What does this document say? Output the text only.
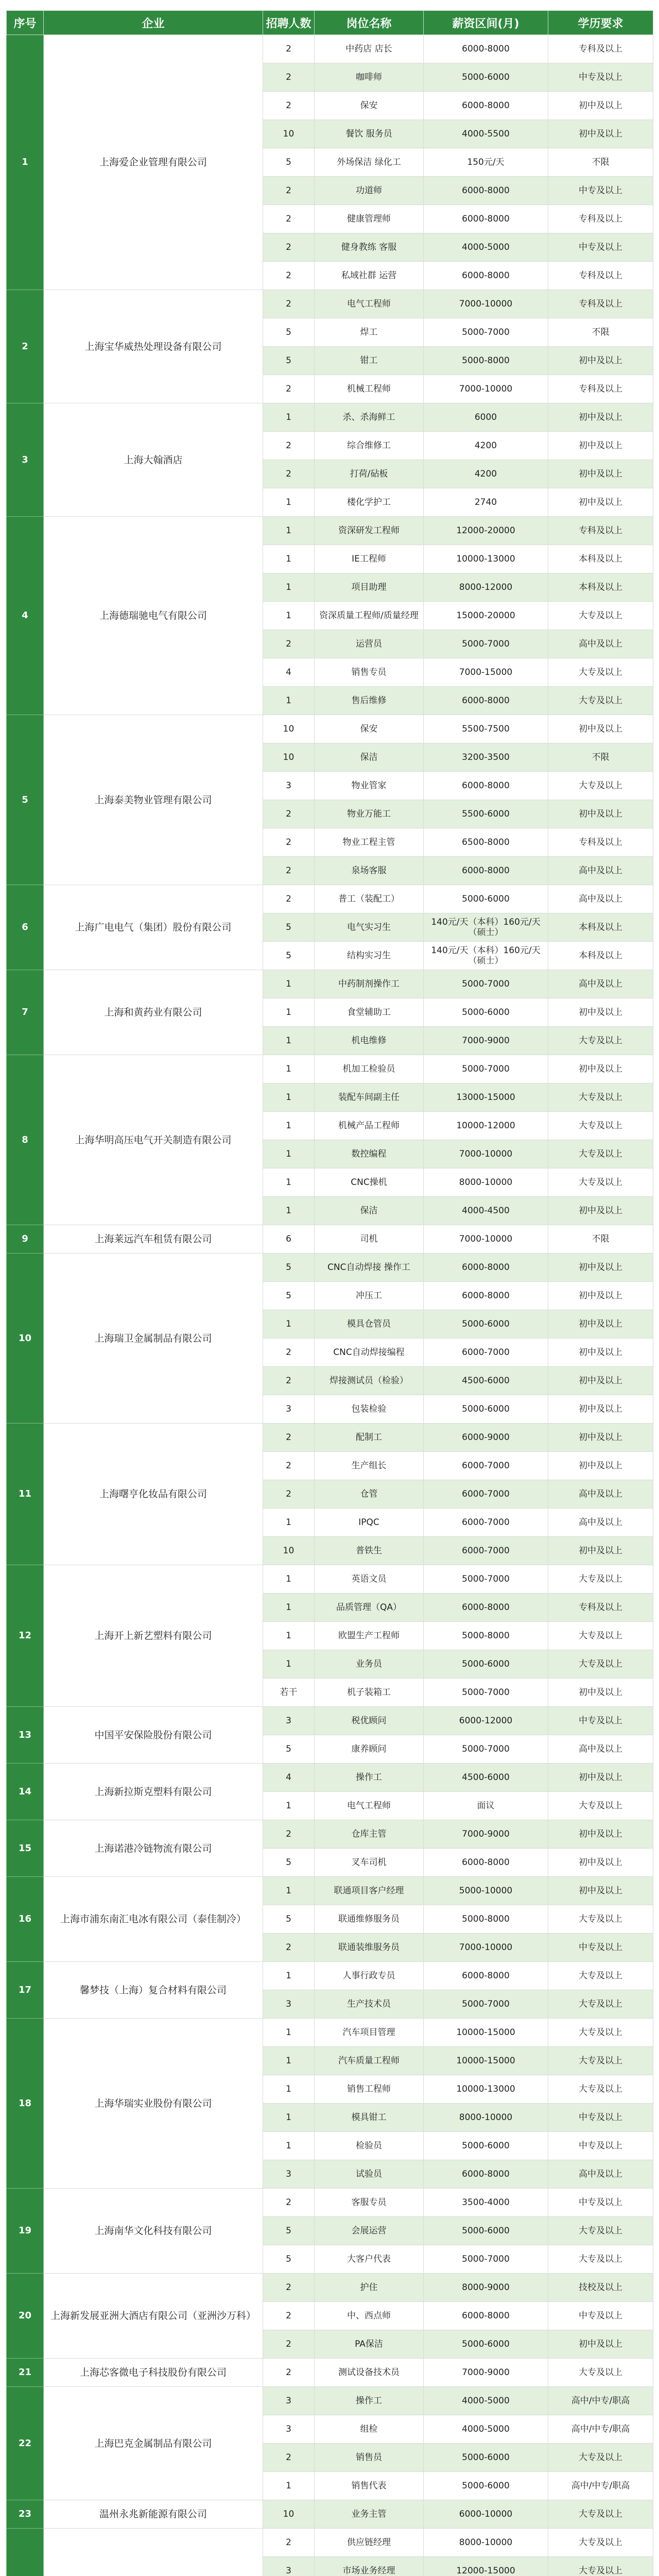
序号	企业	招聘人数	岗位名称	薪资区间(月)	学历要求
1	上海爱企业管理有限公司	2	中药店 店长	6000-8000	专科及以上
		2	咖啡师	5000-6000	中专及以上
		2	保安	6000-8000	初中及以上
		10	餐饮 服务员	4000-5500	初中及以上
		5	外场保洁 绿化工	150元/天	不限
		2	功道师	6000-8000	中专及以上
		2	健康管理师	6000-8000	专科及以上
		2	健身教练 客服	4000-5000	中专及以上
		2	私域社群 运营	6000-8000	专科及以上
2	上海宝华威热处理设备有限公司	2	电气工程师	7000-10000	专科及以上
		5	焊工	5000-7000	不限
		5	钳工	5000-8000	初中及以上
		2	机械工程师	7000-10000	专科及以上
3	上海大翰酒店	1	杀、杀海鲜工	6000	初中及以上
		2	综合维修工	4200	初中及以上
		2	打荷/砧板	4200	初中及以上
		1	楼化学护工	2740	初中及以上
4	上海德瑞驰电气有限公司	1	资深研发工程师	12000-20000	专科及以上
		1	IE工程师	10000-13000	本科及以上
		1	项目助理	8000-12000	本科及以上
		1	资深质量工程师/质量经理	15000-20000	大专及以上
		2	运营员	5000-7000	高中及以上
		4	销售专员	7000-15000	大专及以上
		1	售后维修	6000-8000	大专及以上
5	上海泰美物业管理有限公司	10	保安	5500-7500	初中及以上
		10	保洁	3200-3500	不限
		3	物业管家	6000-8000	大专及以上
		2	物业万能工	5500-6000	初中及以上
		2	物业工程主管	6500-8000	专科及以上
		2	泉场客服	6000-8000	高中及以上
6	上海广电电气（集团）股份有限公司	2	普工（装配工）	5000-6000	高中及以上
		5	电气实习生	140元/天（本科）160元/天（硕士）	本科及以上
		5	结构实习生	140元/天（本科）160元/天（硕士）	本科及以上
7	上海和黄药业有限公司	1	中药制剂操作工	5000-7000	高中及以上
		1	食堂辅助工	5000-6000	初中及以上
		1	机电维修	7000-9000	大专及以上
8	上海华明高压电气开关制造有限公司	1	机加工检验员	5000-7000	初中及以上
		1	装配车间副主任	13000-15000	大专及以上
		1	机械产品工程师	10000-12000	大专及以上
		1	数控编程	7000-10000	大专及以上
		1	CNC操机	8000-10000	大专及以上
		1	保洁	4000-4500	初中及以上
9	上海莱远汽车租赁有限公司	6	司机	7000-10000	不限
10	上海瑞卫金属制品有限公司	5	CNC自动焊接 操作工	6000-8000	初中及以上
		5	冲压工	6000-8000	初中及以上
		1	模具仓管员	5000-6000	初中及以上
		2	CNC自动焊接编程	6000-7000	初中及以上
		2	焊接测试员（检验）	4500-6000	初中及以上
		3	包装检验	5000-6000	初中及以上
11	上海曙亨化妆品有限公司	2	配制工	6000-9000	初中及以上
		2	生产组长	6000-7000	初中及以上
		2	仓管	6000-7000	高中及以上
		1	IPQC	6000-7000	高中及以上
		10	普铁生	6000-7000	初中及以上
12	上海开上新艺塑料有限公司	1	英语文员	5000-7000	大专及以上
		1	品质管理（QA）	6000-8000	专科及以上
		1	欧盟生产工程师	5000-8000	大专及以上
		1	业务员	5000-6000	大专及以上
		若干	机子装箱工	5000-7000	初中及以上
13	中国平安保险股份有限公司	3	税优顾问	6000-12000	中专及以上
		5	康养顾问	5000-7000	高中及以上
14	上海新拉斯克塑料有限公司	4	操作工	4500-6000	初中及以上
		1	电气工程师	面议	大专及以上
15	上海诺港冷链物流有限公司	2	仓库主管	7000-9000	初中及以上
		5	叉车司机	6000-8000	初中及以上
16	上海市浦东南汇电冰有限公司（泰佳制冷）	1	联通项目客户经理	5000-10000	初中及以上
		5	联通维修服务员	5000-8000	大专及以上
		2	联通装维服务员	7000-10000	中专及以上
17	馨梦技（上海）复合材料有限公司	1	人事行政专员	6000-8000	大专及以上
		3	生产技术员	5000-7000	大专及以上
18	上海华瑞实业股份有限公司	1	汽车项目管理	10000-15000	大专及以上
		1	汽车质量工程师	10000-15000	大专及以上
		1	销售工程师	10000-13000	大专及以上
		1	模具钳工	8000-10000	中专及以上
		1	检验员	5000-6000	中专及以上
		3	试验员	6000-8000	高中及以上
19	上海南华文化科技有限公司	2	客服专员	3500-4000	中专及以上
		5	会展运营	5000-6000	大专及以上
		5	大客户代表	5000-7000	大专及以上
20	上海新发展亚洲大酒店有限公司（亚洲沙万科）	2	护住	8000-9000	技校及以上
		2	中、西点师	6000-8000	中专及以上
		2	PA保洁	5000-6000	初中及以上
21	上海芯客微电子科技股份有限公司	2	测试设备技术员	7000-9000	大专及以上
22	上海巴克金属制品有限公司	3	操作工	4000-5000	高中/中专/职高
		3	组检	4000-5000	高中/中专/职高
		2	销售员	5000-6000	大专及以上
		1	销售代表	5000-6000	高中/中专/职高
23	温州永兆新能源有限公司	10	业务主管	6000-10000	大专及以上
		2	供应链经理	8000-10000	大专及以上
		3	市场业务经理	12000-15000	大专及以上
